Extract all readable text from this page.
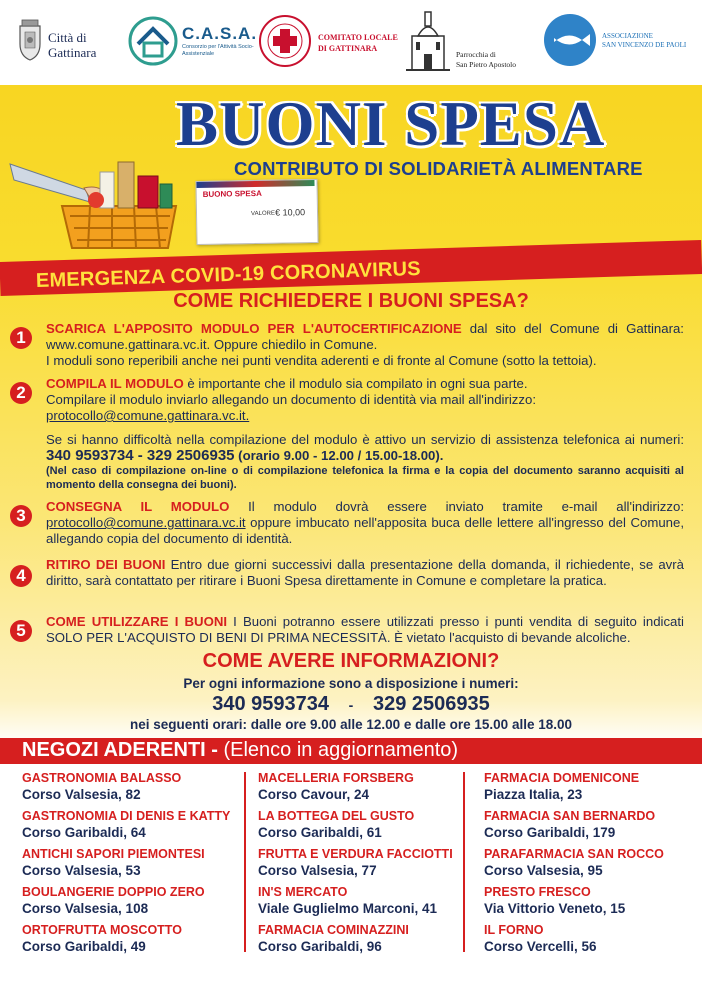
Città di
Gattinara
C.A.S.A.
Consorzio per l'Attività Socio-Assistenziale
COMITATO LOCALE
DI GATTINARA
Parrocchia di
San Pietro Apostolo
ASSOCIAZIONE
SAN VINCENZO DE PAOLI
BUONI SPESA
CONTRIBUTO DI SOLIDARIETÀ ALIMENTARE
BUONO SPESA
VALORE € 10,00
EMERGENZA COVID-19 CORONAVIRUS
COME RICHIEDERE I BUONI SPESA?
1	SCARICA L'APPOSITO MODULO PER L'AUTOCERTIFICAZIONE dal sito del Comune di Gattinara: www.comune.gattinara.vc.it. Oppure chiedilo in Comune.
I moduli sono reperibili anche nei punti vendita aderenti e di fronte al Comune (sotto la tettoia).
2	COMPILA IL MODULO è importante che il modulo sia compilato in ogni sua parte.
Compilare il modulo inviarlo allegando un documento di identità via mail all'indirizzo:
protocollo@comune.gattinara.vc.it.
Se si hanno difficoltà nella compilazione del modulo è attivo un servizio di assistenza telefonica ai numeri: 340 9593734 - 329 2506935 (orario 9.00 - 12.00 / 15.00-18.00).
(Nel caso di compilazione on-line o di compilazione telefonica la firma e la copia del documento saranno acquisiti al momento della consegna dei buoni).
3	CONSEGNA IL MODULO Il modulo dovrà essere inviato tramite e-mail all'indirizzo: protocollo@comune.gattinara.vc.it oppure imbucato nell'apposita buca delle lettere all'ingresso del Comune, allegando copia del documento di identità.
4
RITIRO DEI BUONI Entro due giorni successivi dalla presentazione della domanda, il richiedente, se avrà diritto, sarà contattato per ritirare i Buoni Spesa direttamente in Comune e completare la pratica.
5	COME UTILIZZARE I BUONI I Buoni potranno essere utilizzati presso i punti vendita di seguito indicati SOLO PER L'ACQUISTO DI BENI DI PRIMA NECESSITÀ. È vietato l'acquisto di bevande alcoliche.
COME AVERE INFORMAZIONI?
Per ogni informazione sono a disposizione i numeri:
340 9593734 - 329 2506935
nei seguenti orari: dalle ore 9.00 alle 12.00 e dalle ore 15.00 alle 18.00
NEGOZI ADERENTI - (Elenco in aggiornamento)
GASTRONOMIA BALASSO
Corso Valsesia, 82
GASTRONOMIA DI DENIS E KATTY
Corso Garibaldi, 64
ANTICHI SAPORI PIEMONTESI
Corso Valsesia, 53
BOULANGERIE DOPPIO ZERO
Corso Valsesia, 108
ORTOFRUTTA MOSCOTTO
Corso Garibaldi, 49
MACELLERIA FORSBERG
Corso Cavour, 24
LA BOTTEGA DEL GUSTO
Corso Garibaldi, 61
FRUTTA E VERDURA FACCIOTTI
Corso Valsesia, 77
IN'S MERCATO
Viale Guglielmo Marconi, 41
FARMACIA COMINAZZINI
Corso Garibaldi, 96
FARMACIA DOMENICONE
Piazza Italia, 23
FARMACIA SAN BERNARDO
Corso Garibaldi, 179
PARAFARMACIA SAN ROCCO
Corso Valsesia, 95
PRESTO FRESCO
Via Vittorio Veneto, 15
IL FORNO
Corso Vercelli, 56
